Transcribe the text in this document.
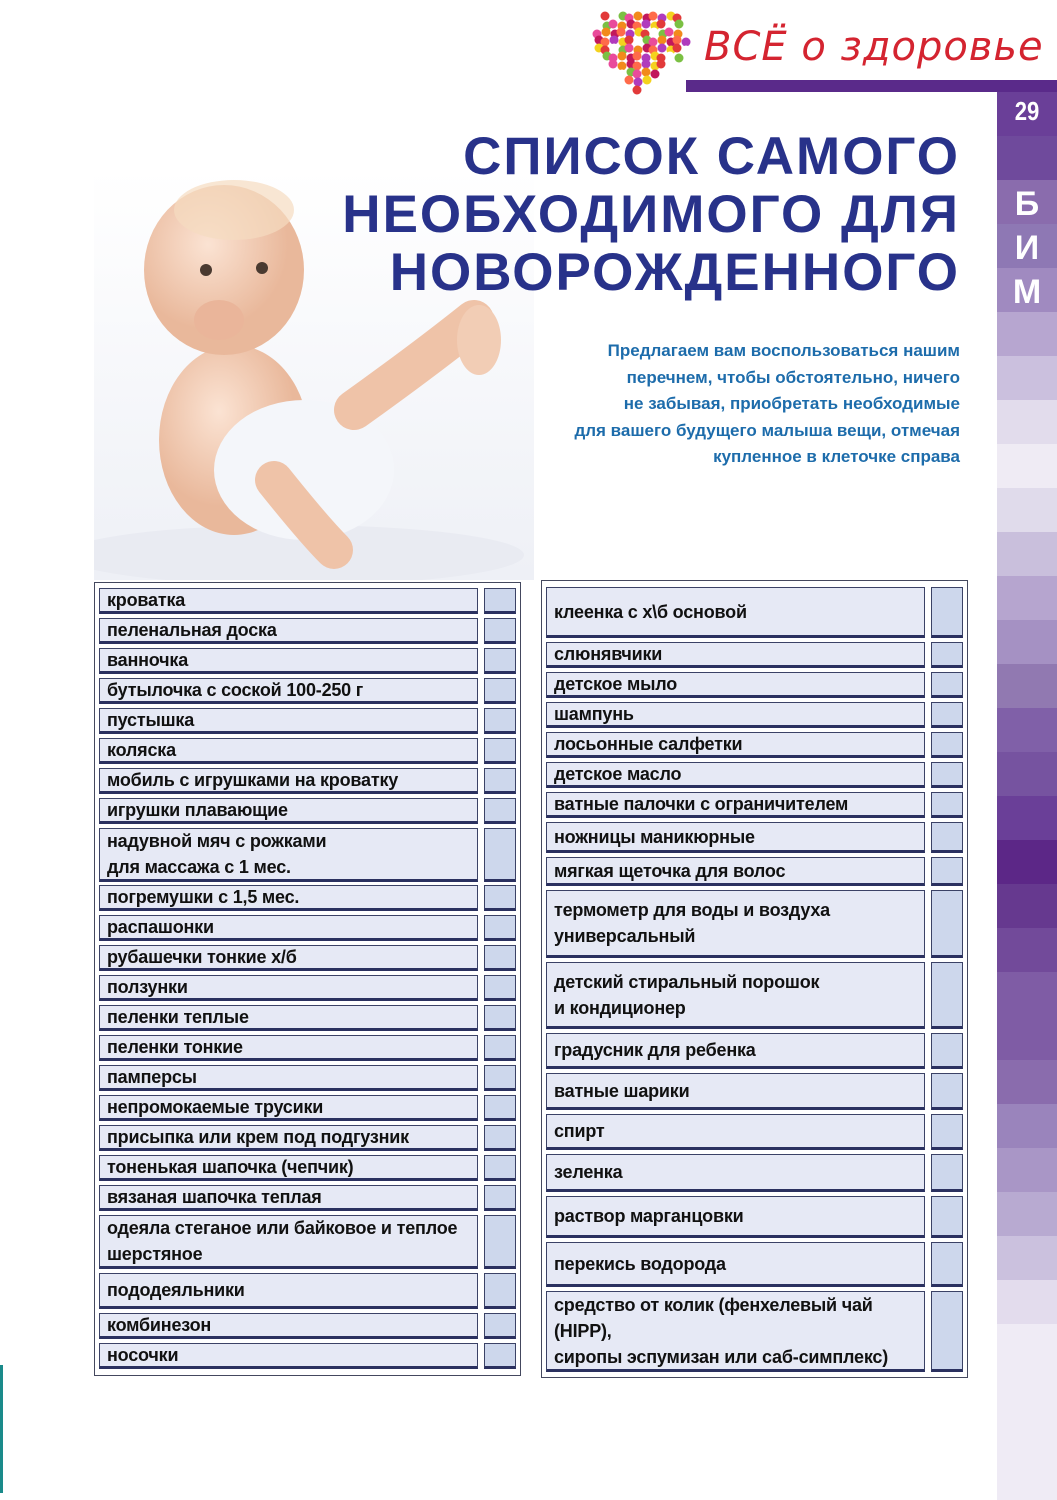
ВСЁ о здоровье
29
Б
И
М
СПИСОК САМОГО
НЕОБХОДИМОГО ДЛЯ
НОВОРОЖДЕННОГО
Предлагаем вам воспользоваться нашим
перечнем, чтобы обстоятельно, ничего
не забывая, приобретать необходимые
для вашего будущего малыша вещи, отмечая
купленное в клеточке справа
кроватка
пеленальная доска
ванночка
бутылочка с соской 100-250 г
пустышка
коляска
мобиль с игрушками на кроватку
игрушки плавающие
надувной мяч с рожками
для массажа с 1 мес.
погремушки с 1,5 мес.
распашонки
рубашечки тонкие х/б
ползунки
пеленки теплые
пеленки тонкие
памперсы
непромокаемые трусики
присыпка или крем под подгузник
тоненькая шапочка (чепчик)
вязаная шапочка теплая
одеяла стеганое или байковое и теплое
шерстяное
пододеяльники
комбинезон
носочки
клеенка с х\б основой
слюнявчики
детское мыло
шампунь
лосьонные салфетки
детское масло
ватные палочки с ограничителем
ножницы маникюрные
мягкая щеточка для волос
термометр для воды и воздуха
универсальный
детский стиральный порошок
и кондиционер
градусник для ребенка
ватные шарики
спирт
зеленка
раствор марганцовки
перекись водорода
средство от колик (фенхелевый чай (HIPP),
сиропы эспумизан или саб-симплекс)
